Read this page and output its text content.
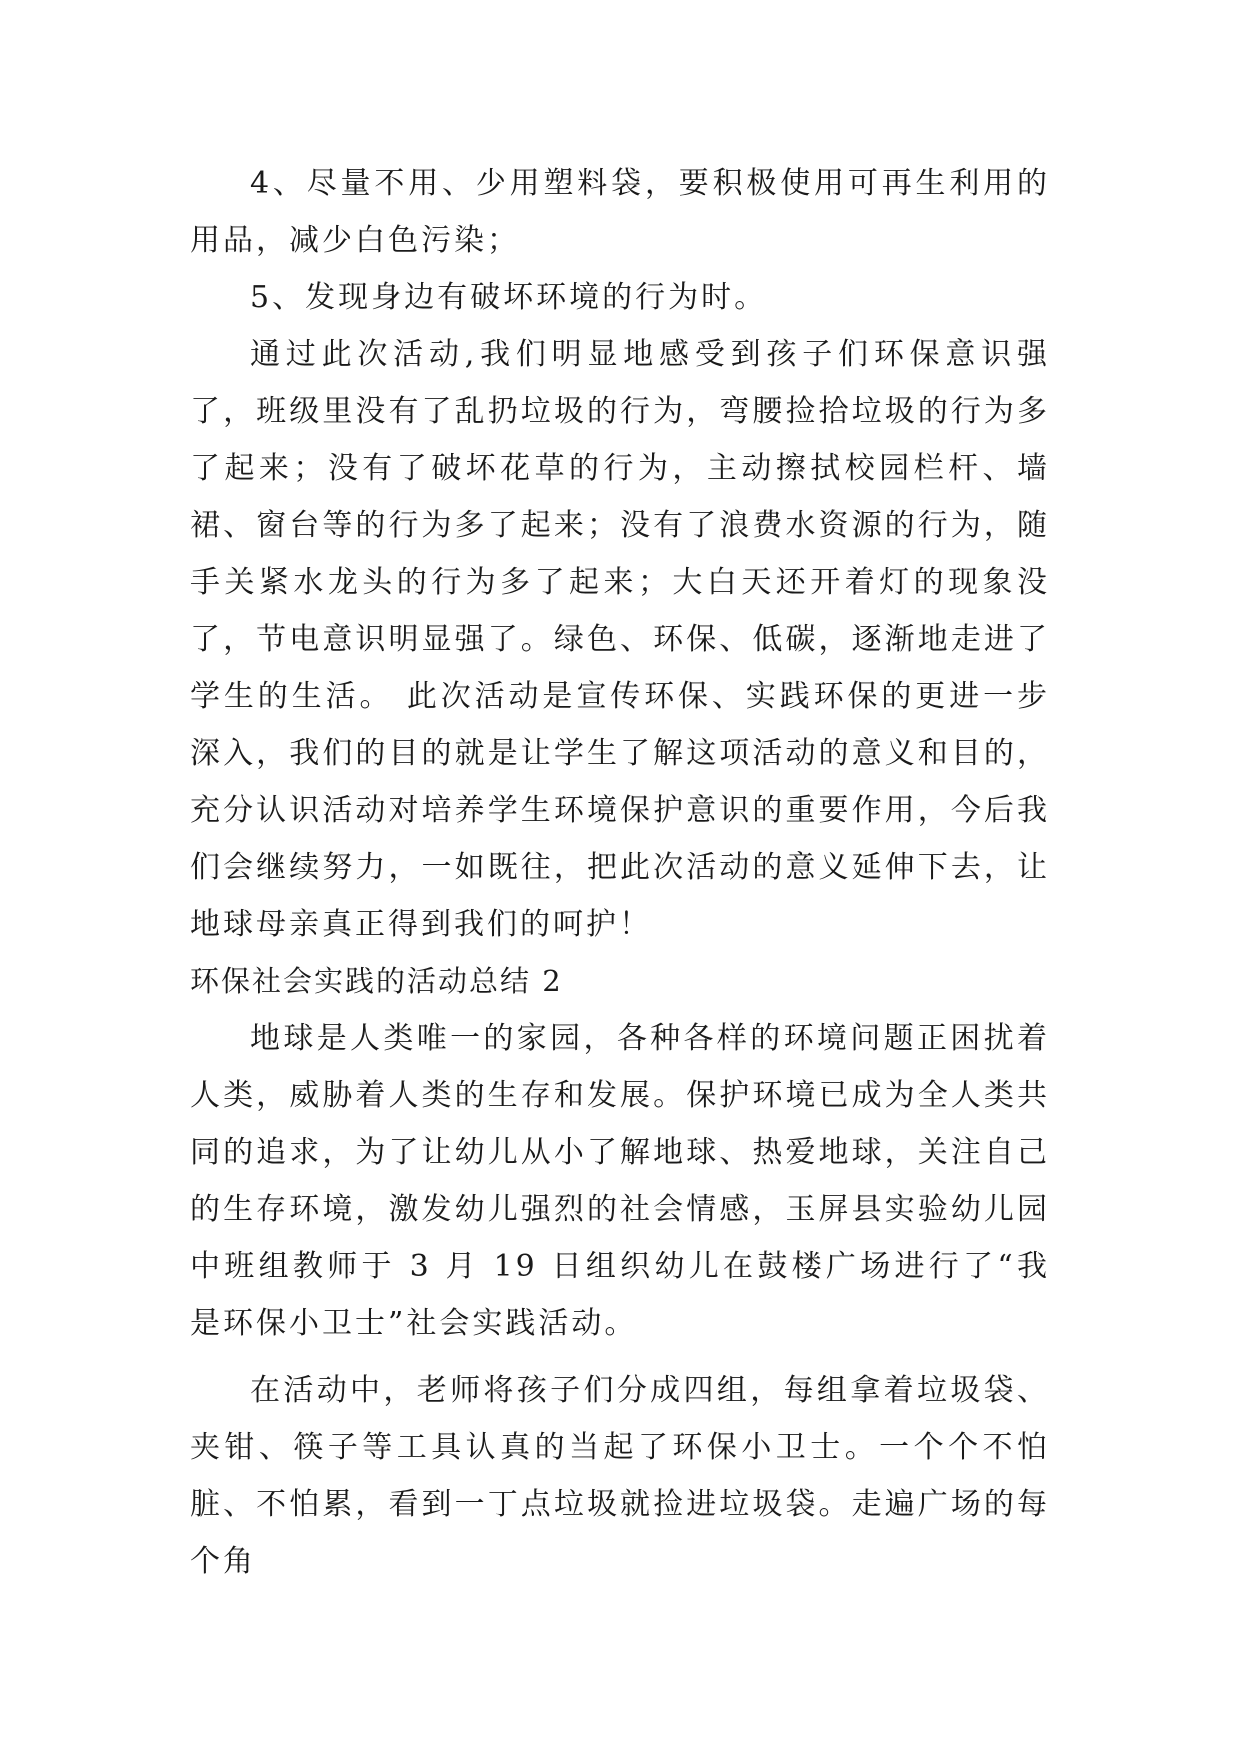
4、尽量不用、少用塑料袋，要积极使用可再生利用的用品，减少白色污染；

5、发现身边有破坏环境的行为时。

通过此次活动,我们明显地感受到孩子们环保意识强了，班级里没有了乱扔垃圾的行为，弯腰捡拾垃圾的行为多了起来；没有了破坏花草的行为，主动擦拭校园栏杆、墙裙、窗台等的行为多了起来；没有了浪费水资源的行为，随手关紧水龙头的行为多了起来；大白天还开着灯的现象没了，节电意识明显强了。绿色、环保、低碳，逐渐地走进了学生的生活。 此次活动是宣传环保、实践环保的更进一步深入，我们的目的就是让学生了解这项活动的意义和目的，充分认识活动对培养学生环境保护意识的重要作用，今后我们会继续努力，一如既往，把此次活动的意义延伸下去，让地球母亲真正得到我们的呵护！

环保社会实践的活动总结 2

地球是人类唯一的家园，各种各样的环境问题正困扰着人类，威胁着人类的生存和发展。保护环境已成为全人类共同的追求，为了让幼儿从小了解地球、热爱地球，关注自己的生存环境，激发幼儿强烈的社会情感，玉屏县实验幼儿园中班组教师于 3 月 19 日组织幼儿在鼓楼广场进行了“我是环保小卫士”社会实践活动。

在活动中，老师将孩子们分成四组，每组拿着垃圾袋、夹钳、筷子等工具认真的当起了环保小卫士。一个个不怕脏、不怕累，看到一丁点垃圾就捡进垃圾袋。走遍广场的每个角
